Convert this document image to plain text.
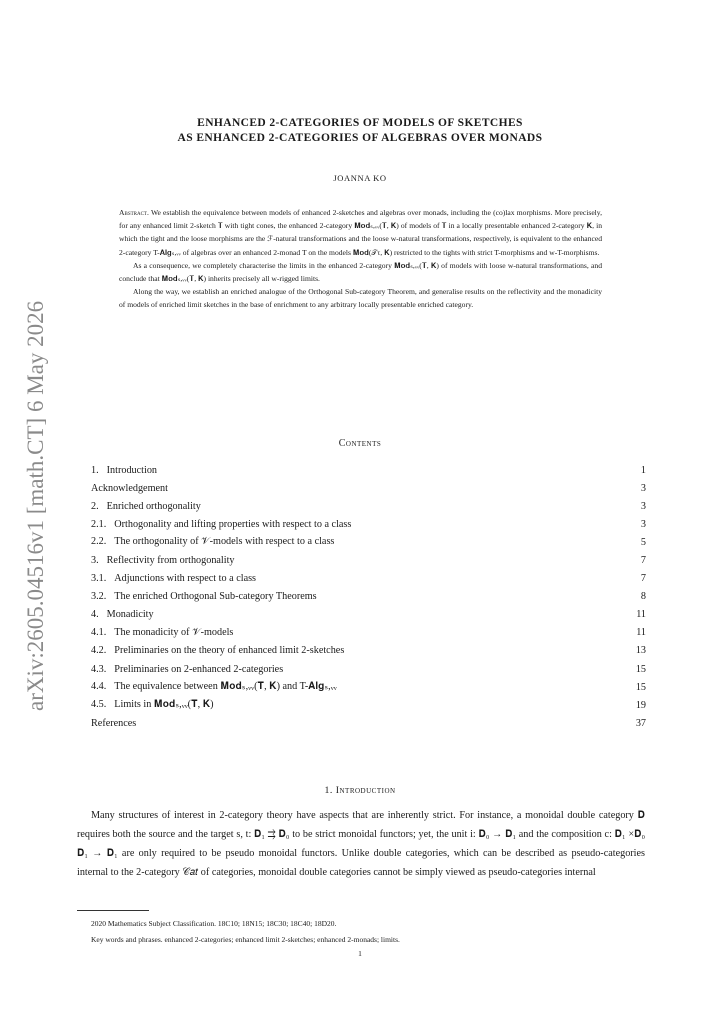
arXiv:2605.04516v1 [math.CT] 6 May 2026
ENHANCED 2-CATEGORIES OF MODELS OF SKETCHES
AS ENHANCED 2-CATEGORIES OF ALGEBRAS OVER MONADS
JOANNA KO

Abstract. We establish the equivalence between models of enhanced 2-sketches and algebras over monads, including the (co)lax morphisms. More precisely, for any enhanced limit 2-sketch 𝐓 with tight cones, the enhanced 2-category 𝐌𝐨𝐝ₛ,ᵥᵥ(𝐓, 𝐊) of models of 𝐓 in a locally presentable enhanced 2-category 𝐊, in which the tight and the loose morphisms are the ℱ-natural transformations and the loose w-natural transformations, respectively, is equivalent to the enhanced 2-category T-𝐀𝐥𝐠ₛ,ᵥᵥ of algebras over an enhanced 2-monad T on the models 𝐌𝐨𝐝(𝒯τ, 𝐊) restricted to the tights with strict T-morphisms and w-T-morphisms.

As a consequence, we completely characterise the limits in the enhanced 2-category 𝐌𝐨𝐝ₛ,ᵥᵥ(𝐓, 𝐊) of models with loose w-natural transformations, and conclude that 𝐌𝐨𝐝ₛ,ᵥᵥ(𝐓, 𝐊) inherits precisely all w-rigged limits.

Along the way, we establish an enriched analogue of the Orthogonal Sub-category Theorem, and generalise results on the reflectivity and the monadicity of models of enriched limit sketches in the base of enrichment to any arbitrary locally presentable enriched category.

Contents
1. Introduction	1
Acknowledgement	3
2. Enriched orthogonality	3
2.1. Orthogonality and lifting properties with respect to a class	3
2.2. The orthogonality of 𝒱-models with respect to a class	5
3. Reflectivity from orthogonality	7
3.1. Adjunctions with respect to a class	7
3.2. The enriched Orthogonal Sub-category Theorems	8
4. Monadicity	11
4.1. The monadicity of 𝒱-models	11
4.2. Preliminaries on the theory of enhanced limit 2-sketches	13
4.3. Preliminaries on 2-enhanced 2-categories	15
4.4. The equivalence between 𝐌𝐨𝐝ₛ,ᵥᵥ(𝐓, 𝐊) and T-𝐀𝐥𝐠ₛ,ᵥᵥ	15
4.5. Limits in 𝐌𝐨𝐝ₛ,ᵥᵥ(𝐓, 𝐊)	19
References	37
1. Introduction

Many structures of interest in 2-category theory have aspects that are inherently strict. For instance, a monoidal double category 𝐃 requires both the source and the target s, t: 𝐃₁ ⇉ 𝐃₀ to be strict monoidal functors; yet, the unit i: 𝐃₀ → 𝐃₁ and the composition c: 𝐃₁ ×𝐃₀ 𝐃₁ → 𝐃₁ are only required to be pseudo monoidal functors. Unlike double categories, which can be described as pseudo-categories internal to the 2-category 𝒞𝑎𝑡 of categories, monoidal double categories cannot be simply viewed as pseudo-categories internal

2020 Mathematics Subject Classification. 18C10; 18N15; 18C30; 18C40; 18D20.
Key words and phrases. enhanced 2-categories; enhanced limit 2-sketches; enhanced 2-monads; limits.
1
